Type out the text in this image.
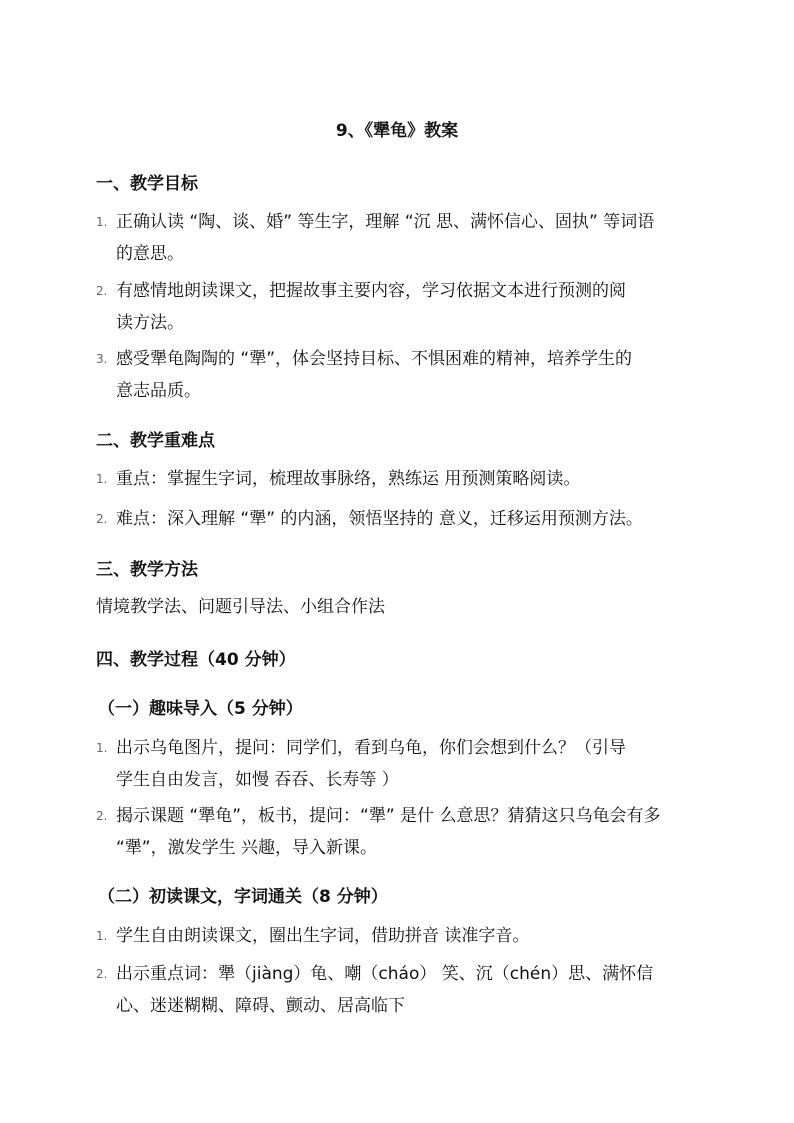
9、《犟龟》教案
一、教学目标
1. 正确认读 “陶、谈、婚” 等生字，理解 “沉 思、满怀信心、固执” 等词语
的意思。
2. 有感情地朗读课文，把握故事主要内容，学习依据文本进行预测的阅
读方法。
3. 感受犟龟陶陶的 “犟”，体会坚持目标、不惧困难的精神，培养学生的
意志品质。
二、教学重难点
1. 重点：掌握生字词，梳理故事脉络，熟练运 用预测策略阅读。
2. 难点：深入理解 “犟” 的内涵，领悟坚持的 意义，迁移运用预测方法。
三、教学方法
情境教学法、问题引导法、小组合作法
四、教学过程（40 分钟）
（一）趣味导入（5 分钟）
1. 出示乌龟图片，提问：同学们，看到乌龟，你们会想到什么？（引导
学生自由发言，如慢 吞吞、长寿等 ）
2. 揭示课题 “犟龟”，板书，提问：“犟” 是什 么意思？猜猜这只乌龟会有多
“犟”，激发学生 兴趣，导入新课。
（二）初读课文，字词通关（8 分钟）
1. 学生自由朗读课文，圈出生字词，借助拼音 读准字音。
2. 出示重点词：犟（jiàng）龟、嘲（cháo） 笑、沉（chén）思、满怀信
心、迷迷糊糊、障碍、颤动、居高临下
